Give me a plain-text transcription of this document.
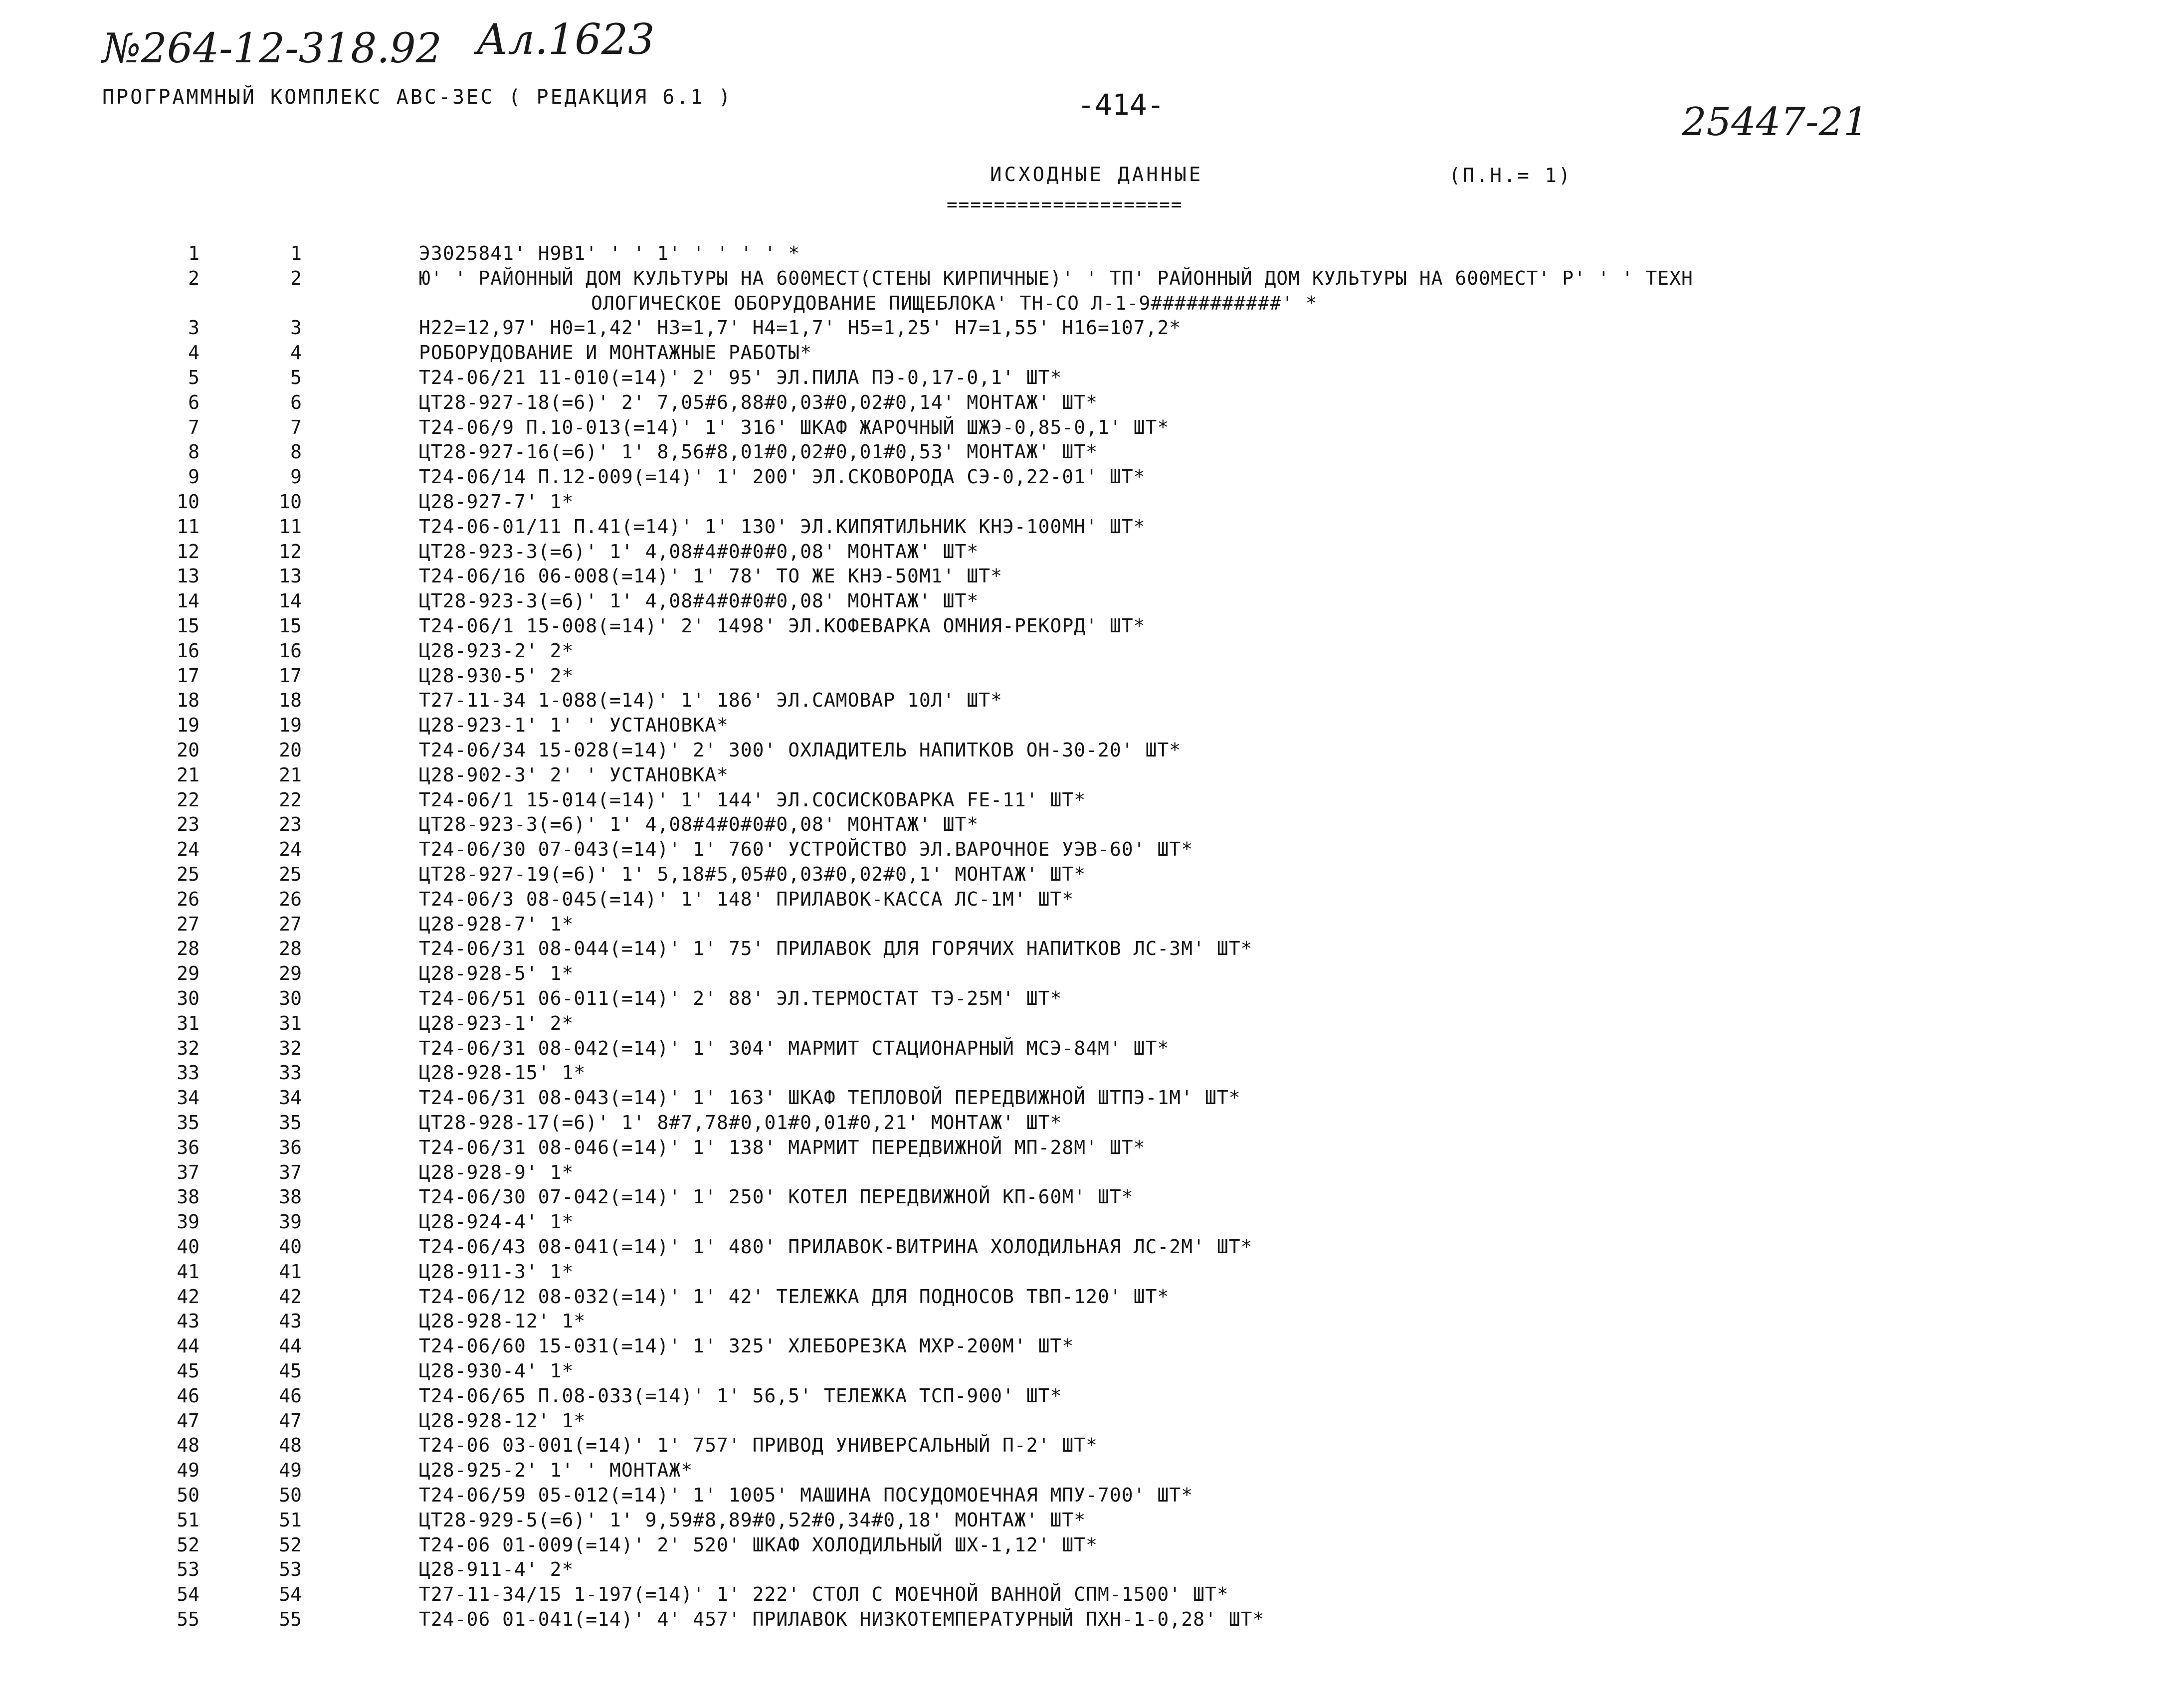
№264-12-318.92 Ал.1623
25447-21
ПРОГРАММНЫЙ КОМПЛЕКС АВС-ЗЕС ( РЕДАКЦИЯ 6.1 )	-414-
ИСХОДНЫЕ ДАННЫЕ
====================
(П.Н.= 1)
1	1	Э3025841' Н9В1' ' ' 1' ' ' ' ' *
2	2	Ю' ' РАЙОННЫЙ ДОМ КУЛЬТУРЫ НА 600МЕСТ(СТЕНЫ КИРПИЧНЫЕ)' ' ТП' РАЙОННЫЙ ДОМ КУЛЬТУРЫ НА 600МЕСТ' Р' ' ' ТЕХН
ОЛОГИЧЕСКОЕ ОБОРУДОВАНИЕ ПИЩЕБЛОКА' ТН-СО Л-1-9###########' *
3	3	Н22=12,97' Н0=1,42' Н3=1,7' Н4=1,7' Н5=1,25' Н7=1,55' Н16=107,2*
4	4	РОБОРУДОВАНИЕ И МОНТАЖНЫЕ РАБОТЫ*
5	5	Т24-06/21 11-010(=14)' 2' 95' ЭЛ.ПИЛА ПЭ-0,17-0,1' ШТ*
6	6	ЦТ28-927-18(=6)' 2' 7,05#6,88#0,03#0,02#0,14' МОНТАЖ' ШТ*
7	7	Т24-06/9 П.10-013(=14)' 1' 316' ШКАФ ЖАРОЧНЫЙ ШЖЭ-0,85-0,1' ШТ*
8	8	ЦТ28-927-16(=6)' 1' 8,56#8,01#0,02#0,01#0,53' МОНТАЖ' ШТ*
9	9	Т24-06/14 П.12-009(=14)' 1' 200' ЭЛ.СКОВОРОДА СЭ-0,22-01' ШТ*
10	10	Ц28-927-7' 1*
11	11	Т24-06-01/11 П.41(=14)' 1' 130' ЭЛ.КИПЯТИЛЬНИК КНЭ-100МН' ШТ*
12	12	ЦТ28-923-3(=6)' 1' 4,08#4#0#0#0,08' МОНТАЖ' ШТ*
13	13	Т24-06/16 06-008(=14)' 1' 78' ТО ЖЕ КНЭ-50М1' ШТ*
14	14	ЦТ28-923-3(=6)' 1' 4,08#4#0#0#0,08' МОНТАЖ' ШТ*
15	15	Т24-06/1 15-008(=14)' 2' 1498' ЭЛ.КОФЕВАРКА ОМНИЯ-РЕКОРД' ШТ*
16	16	Ц28-923-2' 2*
17	17	Ц28-930-5' 2*
18	18	Т27-11-34 1-088(=14)' 1' 186' ЭЛ.САМОВАР 10Л' ШТ*
19	19	Ц28-923-1' 1' ' УСТАНОВКА*
20	20	Т24-06/34 15-028(=14)' 2' 300' ОХЛАДИТЕЛЬ НАПИТКОВ ОН-30-20' ШТ*
21	21	Ц28-902-3' 2' ' УСТАНОВКА*
22	22	Т24-06/1 15-014(=14)' 1' 144' ЭЛ.СОСИСКОВАРКА FE-11' ШТ*
23	23	ЦТ28-923-3(=6)' 1' 4,08#4#0#0#0,08' МОНТАЖ' ШТ*
24	24	Т24-06/30 07-043(=14)' 1' 760' УСТРОЙСТВО ЭЛ.ВАРОЧНОЕ УЭВ-60' ШТ*
25	25	ЦТ28-927-19(=6)' 1' 5,18#5,05#0,03#0,02#0,1' МОНТАЖ' ШТ*
26	26	Т24-06/3 08-045(=14)' 1' 148' ПРИЛАВОК-КАССА ЛС-1М' ШТ*
27	27	Ц28-928-7' 1*
28	28	Т24-06/31 08-044(=14)' 1' 75' ПРИЛАВОК ДЛЯ ГОРЯЧИХ НАПИТКОВ ЛС-3М' ШТ*
29	29	Ц28-928-5' 1*
30	30	Т24-06/51 06-011(=14)' 2' 88' ЭЛ.ТЕРМОСТАТ ТЭ-25М' ШТ*
31	31	Ц28-923-1' 2*
32	32	Т24-06/31 08-042(=14)' 1' 304' МАРМИТ СТАЦИОНАРНЫЙ МСЭ-84М' ШТ*
33	33	Ц28-928-15' 1*
34	34	Т24-06/31 08-043(=14)' 1' 163' ШКАФ ТЕПЛОВОЙ ПЕРЕДВИЖНОЙ ШТПЭ-1М' ШТ*
35	35	ЦТ28-928-17(=6)' 1' 8#7,78#0,01#0,01#0,21' МОНТАЖ' ШТ*
36	36	Т24-06/31 08-046(=14)' 1' 138' МАРМИТ ПЕРЕДВИЖНОЙ МП-28М' ШТ*
37	37	Ц28-928-9' 1*
38	38	Т24-06/30 07-042(=14)' 1' 250' КОТЕЛ ПЕРЕДВИЖНОЙ КП-60М' ШТ*
39	39	Ц28-924-4' 1*
40	40	Т24-06/43 08-041(=14)' 1' 480' ПРИЛАВОК-ВИТРИНА ХОЛОДИЛЬНАЯ ЛС-2М' ШТ*
41	41	Ц28-911-3' 1*
42	42	Т24-06/12 08-032(=14)' 1' 42' ТЕЛЕЖКА ДЛЯ ПОДНОСОВ ТВП-120' ШТ*
43	43	Ц28-928-12' 1*
44	44	Т24-06/60 15-031(=14)' 1' 325' ХЛЕБОРЕЗКА МХР-200М' ШТ*
45	45	Ц28-930-4' 1*
46	46	Т24-06/65 П.08-033(=14)' 1' 56,5' ТЕЛЕЖКА ТСП-900' ШТ*
47	47	Ц28-928-12' 1*
48	48	Т24-06 03-001(=14)' 1' 757' ПРИВОД УНИВЕРСАЛЬНЫЙ П-2' ШТ*
49	49	Ц28-925-2' 1' ' МОНТАЖ*
50	50	Т24-06/59 05-012(=14)' 1' 1005' МАШИНА ПОСУДОМОЕЧНАЯ МПУ-700' ШТ*
51	51	ЦТ28-929-5(=6)' 1' 9,59#8,89#0,52#0,34#0,18' МОНТАЖ' ШТ*
52	52	Т24-06 01-009(=14)' 2' 520' ШКАФ ХОЛОДИЛЬНЫЙ ШХ-1,12' ШТ*
53	53	Ц28-911-4' 2*
54	54	Т27-11-34/15 1-197(=14)' 1' 222' СТОЛ С МОЕЧНОЙ ВАННОЙ СПМ-1500' ШТ*
55	55	Т24-06 01-041(=14)' 4' 457' ПРИЛАВОК НИЗКОТЕМПЕРАТУРНЫЙ ПХН-1-0,28' ШТ*
